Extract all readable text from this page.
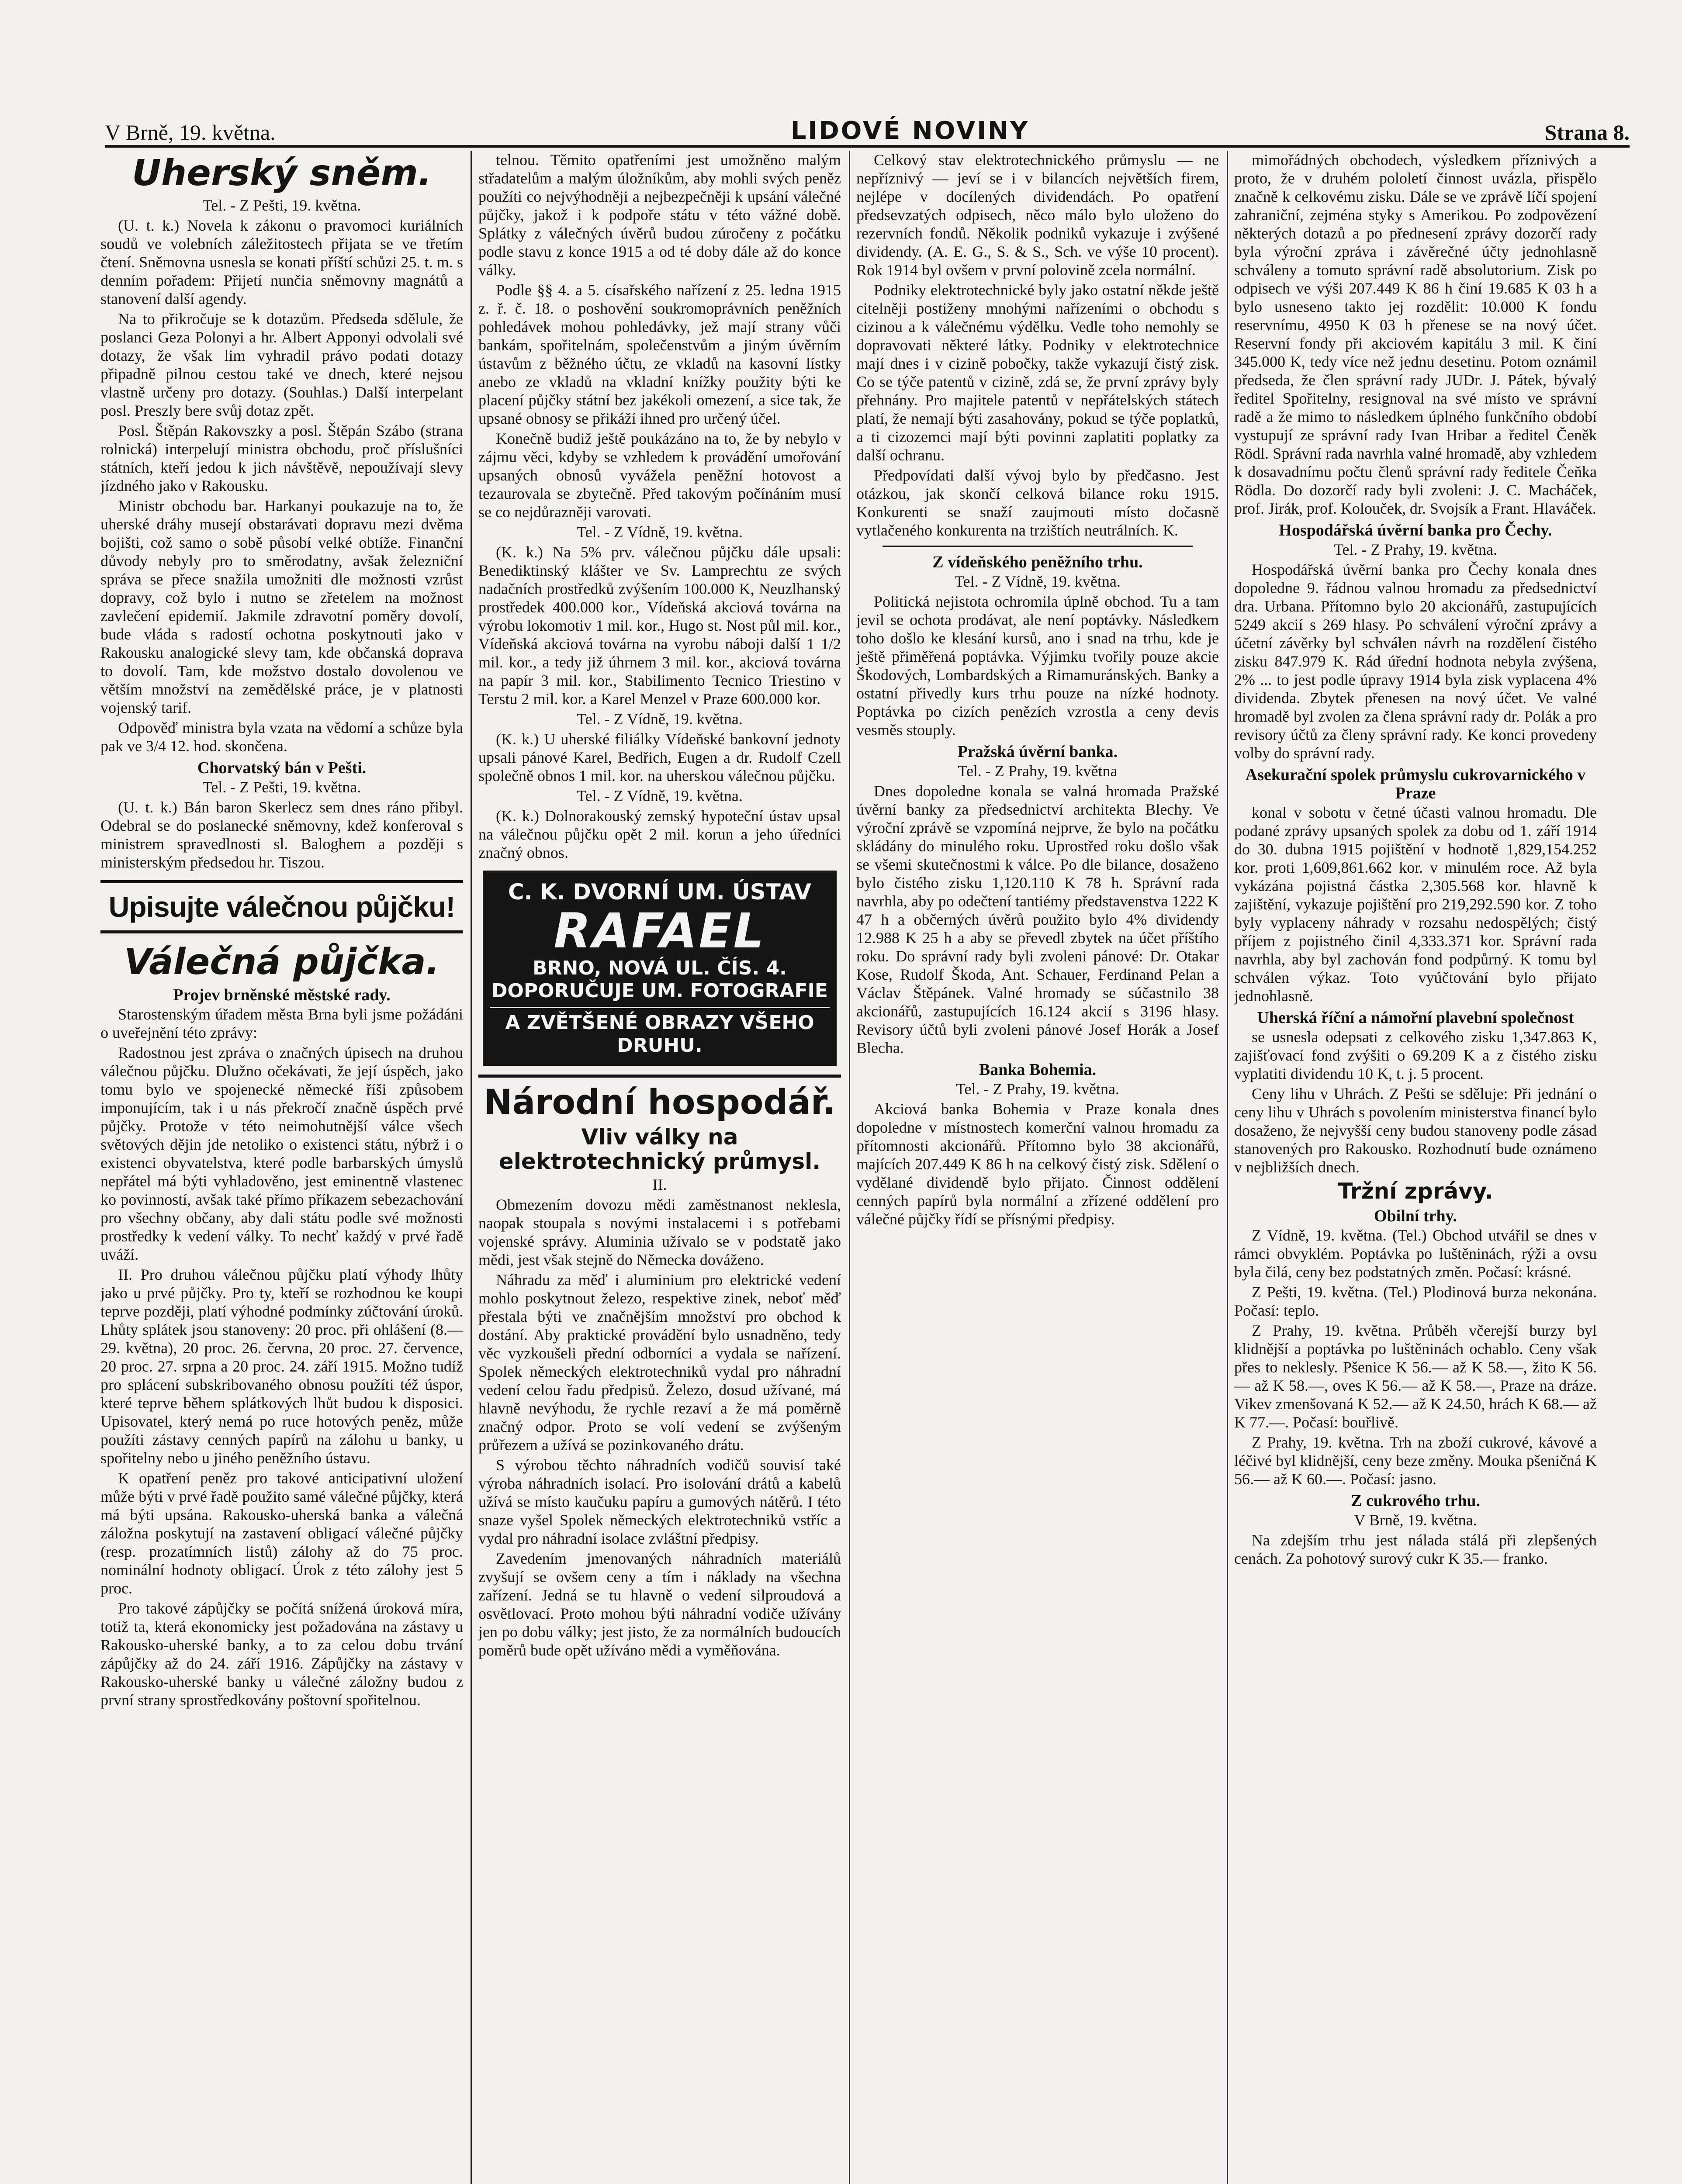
V Brně, 19. května.	LIDOVÉ NOVINY	Strana 8.
Uherský sněm.
Tel. - Z Pešti, 19. května.

(U. t. k.) Novela k zákonu o pravomoci kuriálních soudů ve volebních záležitostech přijata se ve třetím čtení. Sněmovna usnesla se konati příští schůzi 25. t. m. s denním pořadem: Přijetí nunčia sněmovny magnátů a stanovení další agendy.

Na to přikročuje se k dotazům. Předseda sdělule, že poslanci Geza Polonyi a hr. Albert Apponyi odvolali své dotazy, že však lim vyhradil právo podati dotazy připadně pilnou cestou také ve dnech, které nejsou vlastně určeny pro dotazy. (Souhlas.) Další interpelant posl. Preszly bere svůj dotaz zpět.

Posl. Štěpán Rakovszky a posl. Štěpán Szábo (strana rolnická) interpelují ministra obchodu, proč příslušníci státních, kteří jedou k jich návštěvě, nepoužívají slevy jízdného jako v Rakousku.

Ministr obchodu bar. Harkanyi poukazuje na to, že uherské dráhy musejí obstarávati dopravu mezi dvěma bojišti, což samo o sobě působí velké obtíže. Finanční důvody nebyly pro to směrodatny, avšak železniční správa se přece snažila umožniti dle možnosti vzrůst dopravy, což bylo i nutno se zřetelem na možnost zavlečení epidemií. Jakmile zdravotní poměry dovolí, bude vláda s radostí ochotna poskytnouti jako v Rakousku analogické slevy tam, kde občanská doprava to dovolí. Tam, kde možstvo dostalo dovolenou ve větším množství na zemědělské práce, je v platnosti vojenský tarif.

Odpověď ministra byla vzata na vědomí a schůze byla pak ve 3/4 12. hod. skončena.

Chorvatský bán v Pešti.
Tel. - Z Pešti, 19. května.

(U. t. k.) Bán baron Skerlecz sem dnes ráno přibyl. Odebral se do poslanecké sněmovny, kdež konferoval s ministrem spravedlnosti sl. Baloghem a později s ministerským předsedou hr. Tiszou.

Upisujte válečnou půjčku!
Válečná půjčka.
Projev brněnské městské rady.

Starostenským úřadem města Brna byli jsme požádáni o uveřejnění této zprávy:

Radostnou jest zpráva o značných úpisech na druhou válečnou půjčku. Dlužno očekávati, že její úspěch, jako tomu bylo ve spojenecké německé říši způsobem imponujícím, tak i u nás překročí značně úspěch prvé půjčky. Protože v této neimohutnější válce všech světových dějin jde netoliko o existenci státu, nýbrž i o existenci obyvatelstva, které podle barbarských úmyslů nepřátel má býti vyhladověno, jest eminentně vlastenec ko povinností, avšak také přímo příkazem sebezachování pro všechny občany, aby dali státu podle své možnosti prostředky k vedení války. To nechť každý v prvé řadě uváží.

II. Pro druhou válečnou půjčku platí výhody lhůty jako u prvé půjčky. Pro ty, kteří se rozhodnou ke koupi teprve později, platí výhodné podmínky zúčtování úroků. Lhůty splátek jsou stanoveny: 20 proc. při ohlášení (8.—29. května), 20 proc. 26. června, 20 proc. 27. července, 20 proc. 27. srpna a 20 proc. 24. září 1915. Možno tudíž pro splácení subskribovaného obnosu použíti též úspor, které teprve během splátkových lhůt budou k disposici. Upisovatel, který nemá po ruce hotových peněz, může použíti zástavy cenných papírů na zálohu u banky, u spořitelny nebo u jiného peněžního ústavu.

K opatření peněz pro takové anticipativní uložení může býti v prvé řadě použito samé válečné půjčky, která má býti upsána. Rakousko-uherská banka a válečná záložna poskytují na zastavení obligací válečné půjčky (resp. prozatímních listů) zálohy až do 75 proc. nominální hodnoty obligací. Úrok z této zálohy jest 5 proc.

Pro takové zápůjčky se počítá snížená úroková míra, totiž ta, která ekonomicky jest požadována na zástavy u Rakousko-uherské banky, a to za celou dobu trvání zápůjčky až do 24. září 1916. Zápůjčky na zástavy v Rakousko-uherské banky u válečné záložny budou z první strany sprostředkovány poštovní spořitelnou.

telnou. Těmito opatřeními jest umožněno malým střadatelům a malým úložníkům, aby mohli svých peněz použíti co nejvýhodněji a nejbezpečněji k upsání válečné půjčky, jakož i k podpoře státu v této vážné době. Splátky z válečných úvěrů budou zúročeny z počátku podle stavu z konce 1915 a od té doby dále až do konce války.

Podle §§ 4. a 5. císařského nařízení z 25. ledna 1915 z. ř. č. 18. o poshovění soukromoprávních peněžních pohledávek mohou pohledávky, jež mají strany vůči bankám, spořitelnám, společenstvům a jiným úvěrním ústavům z běžného účtu, ze vkladů na kasovní lístky anebo ze vkladů na vkladní knížky použity býti ke placení půjčky státní bez jakékoli omezení, a sice tak, že upsané obnosy se přikáží ihned pro určený účel.

Konečně budiž ještě poukázáno na to, že by nebylo v zájmu věci, kdyby se vzhledem k provádění umořování upsaných obnosů vyvážela peněžní hotovost a tezaurovala se zbytečně. Před takovým počínáním musí se co nejdůrazněji varovati.

Tel. - Z Vídně, 19. května.

(K. k.) Na 5% prv. válečnou půjčku dále upsali: Benediktinský klášter ve Sv. Lamprechtu ze svých nadačních prostředků zvýšením 100.000 K, Neuzlhanský prostředek 400.000 kor., Vídeňská akciová továrna na výrobu lokomotiv 1 mil. kor., Hugo st. Nost půl mil. kor., Vídeňská akciová továrna na vyrobu náboji další 1 1/2 mil. kor., a tedy již úhrnem 3 mil. kor., akciová továrna na papír 3 mil. kor., Stabilimento Tecnico Triestino v Terstu 2 mil. kor. a Karel Menzel v Praze 600.000 kor.

Tel. - Z Vídně, 19. května.

(K. k.) U uherské filiálky Vídeňské bankovní jednoty upsali pánové Karel, Bedřich, Eugen a dr. Rudolf Czell společně obnos 1 mil. kor. na uherskou válečnou půjčku.

Tel. - Z Vídně, 19. května.

(K. k.) Dolnorakouský zemský hypoteční ústav upsal na válečnou půjčku opět 2 mil. korun a jeho úředníci značný obnos.

C. K. DVORNÍ UM. ÚSTAV
RAFAEL
BRNO, NOVÁ UL. ČÍS. 4.
DOPORUČUJE UM. FOTOGRAFIE
A ZVĚTŠENÉ OBRAZY VŠEHO DRUHU.
Národní hospodář.
Vliv války na elektrotechnický průmysl.
II.

Obmezením dovozu mědi zaměstnanost neklesla, naopak stoupala s novými instalacemi i s potřebami vojenské správy. Aluminia užívalo se v podstatě jako mědi, jest však stejně do Německa dováženo.

Náhradu za měď i aluminium pro elektrické vedení mohlo poskytnout železo, respektive zinek, neboť měď přestala býti ve značnějším množství pro obchod k dostání. Aby praktické provádění bylo usnadněno, tedy věc vyzkoušeli přední odborníci a vydala se nařízení. Spolek německých elektrotechniků vydal pro náhradní vedení celou řadu předpisů. Železo, dosud užívané, má hlavně nevýhodu, že rychle rezaví a že má poměrně značný odpor. Proto se volí vedení se zvýšeným průřezem a užívá se pozinkovaného drátu.

S výrobou těchto náhradních vodičů souvisí také výroba náhradních isolací. Pro isolování drátů a kabelů užívá se místo kaučuku papíru a gumových nátěrů. I této snaze vyšel Spolek německých elektrotechniků vstříc a vydal pro náhradní isolace zvláštní předpisy.

Zavedením jmenovaných náhradních materiálů zvyšují se ovšem ceny a tím i náklady na všechna zařízení. Jedná se tu hlavně o vedení silproudová a osvětlovací. Proto mohou býti náhradní vodiče užívány jen po dobu války; jest jisto, že za normálních budoucích poměrů bude opět užíváno mědi a vyměňována.

Celkový stav elektrotechnického průmyslu — ne nepříznivý — jeví se i v bilancích největších firem, nejlépe v docílených dividendách. Po opatření předsevzatých odpisech, něco málo bylo uloženo do rezervních fondů. Několik podniků vykazuje i zvýšené dividendy. (A. E. G., S. & S., Sch. ve výše 10 procent). Rok 1914 byl ovšem v první polovině zcela normální.

Podniky elektrotechnické byly jako ostatní někde ještě citelněji postiženy mnohými nařízeními o obchodu s cizinou a k válečnému výdělku. Vedle toho nemohly se dopravovati některé látky. Podniky v elektrotechnice mají dnes i v cizině pobočky, takže vykazují čistý zisk. Co se týče patentů v cizině, zdá se, že první zprávy byly přehnány. Pro majitele patentů v nepřátelských státech platí, že nemají býti zasahovány, pokud se týče poplatků, a ti cizozemci mají býti povinni zaplatiti poplatky za další ochranu.

Předpovídati další vývoj bylo by předčasno. Jest otázkou, jak skončí celková bilance roku 1915. Konkurenti se snaží zaujmouti místo dočasně vytlačeného konkurenta na trzištích neutrálních. K.

Z vídeňského peněžního trhu.
Tel. - Z Vídně, 19. května.

Politická nejistota ochromila úplně obchod. Tu a tam jevil se ochota prodávat, ale není poptávky. Následkem toho došlo ke klesání kursů, ano i snad na trhu, kde je ještě přiměřená poptávka. Výjimku tvořily pouze akcie Škodových, Lombardských a Rimamuránských. Banky a ostatní přivedly kurs trhu pouze na nízké hodnoty. Poptávka po cizích penězích vzrostla a ceny devis vesměs stouply.

Pražská úvěrní banka.
Tel. - Z Prahy, 19. května

Dnes dopoledne konala se valná hromada Pražské úvěrní banky za předsednictví architekta Blechy. Ve výroční zprávě se vzpomíná nejprve, že bylo na počátku skládány do minulého roku. Uprostřed roku došlo však se všemi skutečnostmi k válce. Po dle bilance, dosaženo bylo čistého zisku 1,120.110 K 78 h. Správní rada navrhla, aby po odečtení tantiémy představenstva 1222 K 47 h a občerných úvěrů použito bylo 4% dividendy 12.988 K 25 h a aby se převedl zbytek na účet příštího roku. Do správní rady byli zvoleni pánové: Dr. Otakar Kose, Rudolf Škoda, Ant. Schauer, Ferdinand Pelan a Václav Štěpánek. Valné hromady se súčastnilo 38 akcionářů, zastupujících 16.124 akcií s 3196 hlasy. Revisory účtů byli zvoleni pánové Josef Horák a Josef Blecha.

Banka Bohemia.
Tel. - Z Prahy, 19. května.

Akciová banka Bohemia v Praze konala dnes dopoledne v místnostech komerční valnou hromadu za přítomnosti akcionářů. Přítomno bylo 38 akcionářů, majících 207.449 K 86 h na celkový čistý zisk. Sdělení o vydělané dividendě bylo přijato. Činnost oddělení cenných papírů byla normální a zřízené oddělení pro válečné půjčky řídí se přísnými předpisy.

mimořádných obchodech, výsledkem příznivých a proto, že v druhém pololetí činnost uvázla, přispělo značně k celkovému zisku. Dále se ve zprávě líčí spojení zahraniční, zejména styky s Amerikou. Po zodpovězení některých dotazů a po přednesení zprávy dozorčí rady byla výroční zpráva i závěrečné účty jednohlasně schváleny a tomuto správní radě absolutorium. Zisk po odpisech ve výši 207.449 K 86 h činí 19.685 K 03 h a bylo usneseno takto jej rozdělit: 10.000 K fondu reservnímu, 4950 K 03 h přenese se na nový účet. Reservní fondy při akciovém kapitálu 3 mil. K činí 345.000 K, tedy více než jednu desetinu. Potom oznámil předseda, že člen správní rady JUDr. J. Pátek, bývalý ředitel Spořitelny, resignoval na své místo ve správní radě a že mimo to následkem úplného funkčního období vystupují ze správní rady Ivan Hribar a ředitel Čeněk Rödl. Správní rada navrhla valné hromadě, aby vzhledem k dosavadnímu počtu členů správní rady ředitele Čeňka Rödla. Do dozorčí rady byli zvoleni: J. C. Macháček, prof. Jirák, prof. Kolouček, dr. Svojsík a Frant. Hlaváček.

Hospodářská úvěrní banka pro Čechy.
Tel. - Z Prahy, 19. května.

Hospodářská úvěrní banka pro Čechy konala dnes dopoledne 9. řádnou valnou hromadu za předsednictví dra. Urbana. Přítomno bylo 20 akcionářů, zastupujících 5249 akcií s 269 hlasy. Po schválení výroční zprávy a účetní závěrky byl schválen návrh na rozdělení čistého zisku 847.979 K. Rád úřední hodnota nebyla zvýšena, 2% ... to jest podle úpravy 1914 byla zisk vyplacena 4% dividenda. Zbytek přenesen na nový účet. Ve valné hromadě byl zvolen za člena správní rady dr. Polák a pro revisory účtů za členy správní rady. Ke konci provedeny volby do správní rady.

Asekurační spolek průmyslu cukrovarnického v Praze

konal v sobotu v četné účasti valnou hromadu. Dle podané zprávy upsaných spolek za dobu od 1. září 1914 do 30. dubna 1915 pojištění v hodnotě 1,829,154.252 kor. proti 1,609,861.662 kor. v minulém roce. Až byla vykázána pojistná částka 2,305.568 kor. hlavně k zajištění, vykazuje pojištění pro 219,292.590 kor. Z toho byly vyplaceny náhrady v rozsahu nedospělých; čistý příjem z pojistného činil 4,333.371 kor. Správní rada navrhla, aby byl zachován fond podpůrný. K tomu byl schválen výkaz. Toto vyúčtování bylo přijato jednohlasně.

Uherská říční a námořní plavební společnost

se usnesla odepsati z celkového zisku 1,347.863 K, zajišťovací fond zvýšiti o 69.209 K a z čistého zisku vyplatiti dividendu 10 K, t. j. 5 procent.

Ceny lihu v Uhrách. Z Pešti se sděluje: Při jednání o ceny lihu v Uhrách s povolením ministerstva financí bylo dosaženo, že nejvyšší ceny budou stanoveny podle zásad stanovených pro Rakousko. Rozhodnutí bude oznámeno v nejbližších dnech.

Tržní zprávy.
Obilní trhy.

Z Vídně, 19. května. (Tel.) Obchod utvářil se dnes v rámci obvyklém. Poptávka po luštěninách, rýži a ovsu byla čilá, ceny bez podstatných změn. Počasí: krásné.

Z Pešti, 19. května. (Tel.) Plodinová burza nekonána. Počasí: teplo.

Z Prahy, 19. května. Průběh včerejší burzy byl klidnější a poptávka po luštěninách ochablo. Ceny však přes to neklesly. Pšenice K 56.— až K 58.—, žito K 56.— až K 58.—, oves K 56.— až K 58.—, Praze na dráze. Vikev zmenšovaná K 52.— až K 24.50, hrách K 68.— až K 77.—. Počasí: bouřlivě.

Z Prahy, 19. května. Trh na zboží cukrové, kávové a léčivé byl klidnější, ceny beze změny. Mouka pšeničná K 56.— až K 60.—. Počasí: jasno.

Z cukrového trhu.
V Brně, 19. května.

Na zdejším trhu jest nálada stálá při zlepšených cenách. Za pohotový surový cukr K 35.— franko.
